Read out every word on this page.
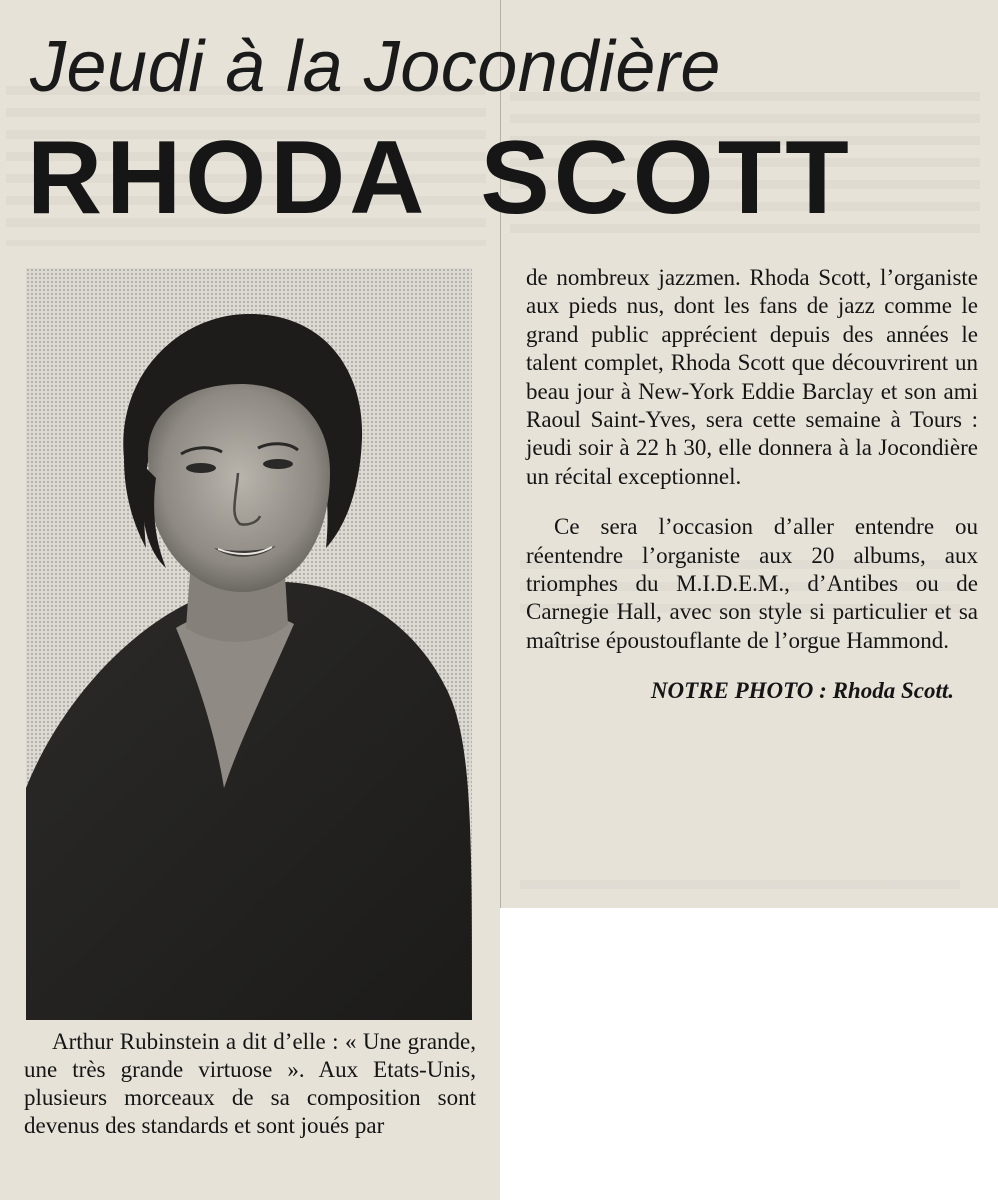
Jeudi à la Jocondière
RHODA SCOTT

Arthur Rubinstein a dit d’elle : « Une grande, une très grande virtuose ». Aux Etats-Unis, plusieurs morceaux de sa composition sont devenus des standards et sont joués par

de nombreux jazzmen. Rhoda Scott, l’organiste aux pieds nus, dont les fans de jazz comme le grand public apprécient depuis des années le talent complet, Rhoda Scott que découvrirent un beau jour à New-York Eddie Barclay et son ami Raoul Saint-Yves, sera cette semaine à Tours : jeudi soir à 22 h 30, elle donnera à la Jocondière un récital exceptionnel.

Ce sera l’occasion d’aller entendre ou réentendre l’organiste aux 20 albums, aux triomphes du M.I.D.E.M., d’Antibes ou de Carnegie Hall, avec son style si particulier et sa maîtrise époustouflante de l’orgue Hammond.

NOTRE PHOTO : Rhoda Scott.
